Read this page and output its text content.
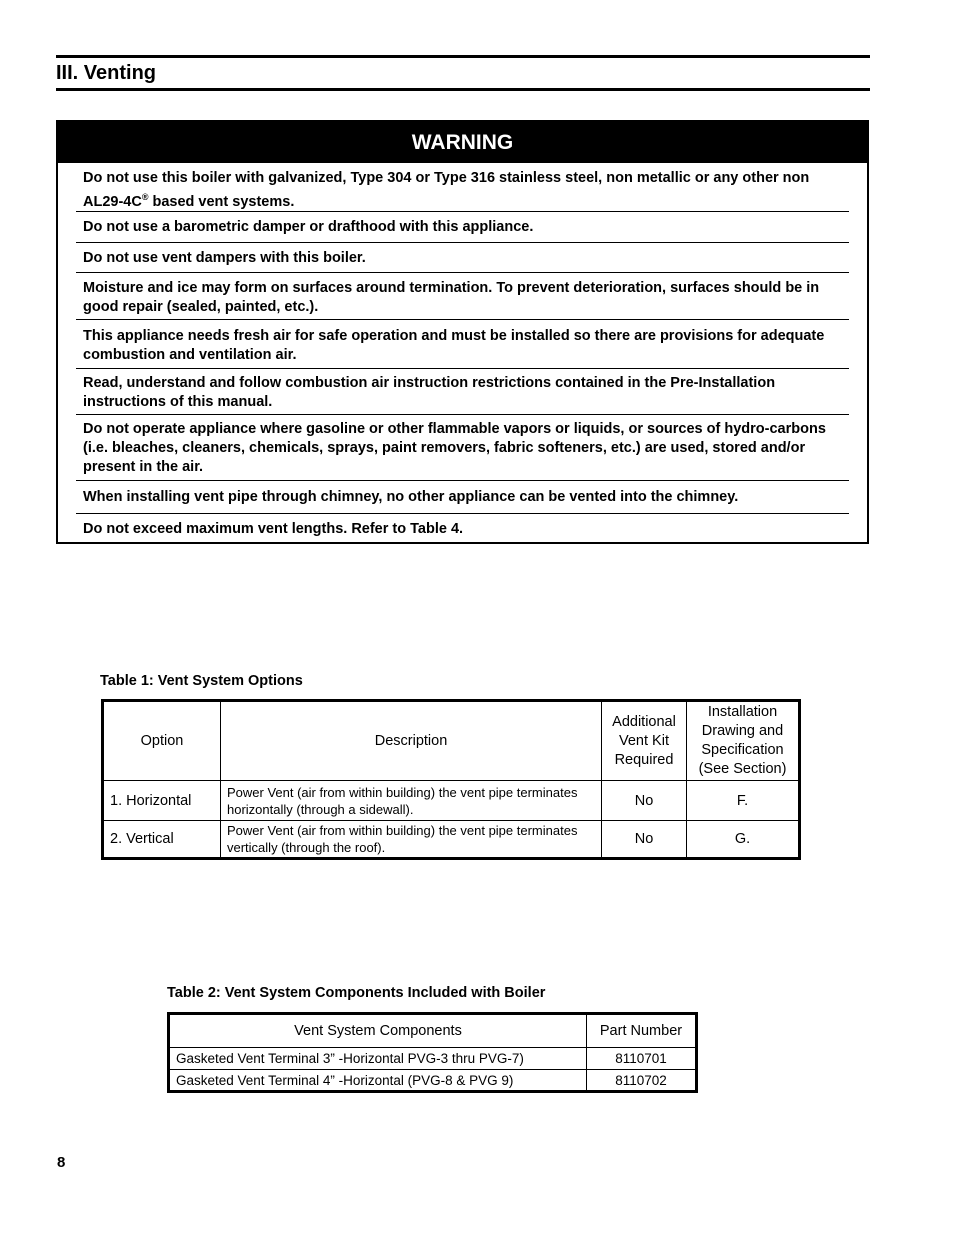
III. Venting
WARNING
Do not use this boiler with galvanized, Type 304 or Type 316 stainless steel, non metallic or any other non AL29-4C® based vent systems.
Do not use a barometric damper or drafthood with this appliance.
Do not use vent dampers with this boiler.
Moisture and ice may form on surfaces around termination. To prevent deterioration, surfaces should be in good repair (sealed, painted, etc.).
This appliance needs fresh air for safe operation and must be installed so there are provisions for adequate combustion and ventilation air.
Read, understand and follow combustion air instruction restrictions contained in the Pre-Installation instructions of this manual.
Do not operate appliance where gasoline or other flammable vapors or liquids, or sources of hydro-carbons (i.e. bleaches, cleaners, chemicals, sprays, paint removers, fabric softeners, etc.) are used, stored and/or present in the air.
When installing vent pipe through chimney, no other appliance can be vented into the chimney.
Do not exceed maximum vent lengths. Refer to Table 4.
Table 1: Vent System Options
Option	Description	Additional Vent Kit Required	Installation Drawing and Specification (See Section)
1. Horizontal	Power Vent (air from within building) the vent pipe terminates horizontally (through a sidewall).	No	F.
2. Vertical	Power Vent (air from within building) the vent pipe terminates vertically (through the roof).	No	G.
Table 2: Vent System Components Included with Boiler
Vent System Components	Part Number
Gasketed Vent Terminal 3” -Horizontal PVG-3 thru PVG-7)	8110701
Gasketed Vent Terminal 4” -Horizontal (PVG-8 & PVG 9)	8110702
8
